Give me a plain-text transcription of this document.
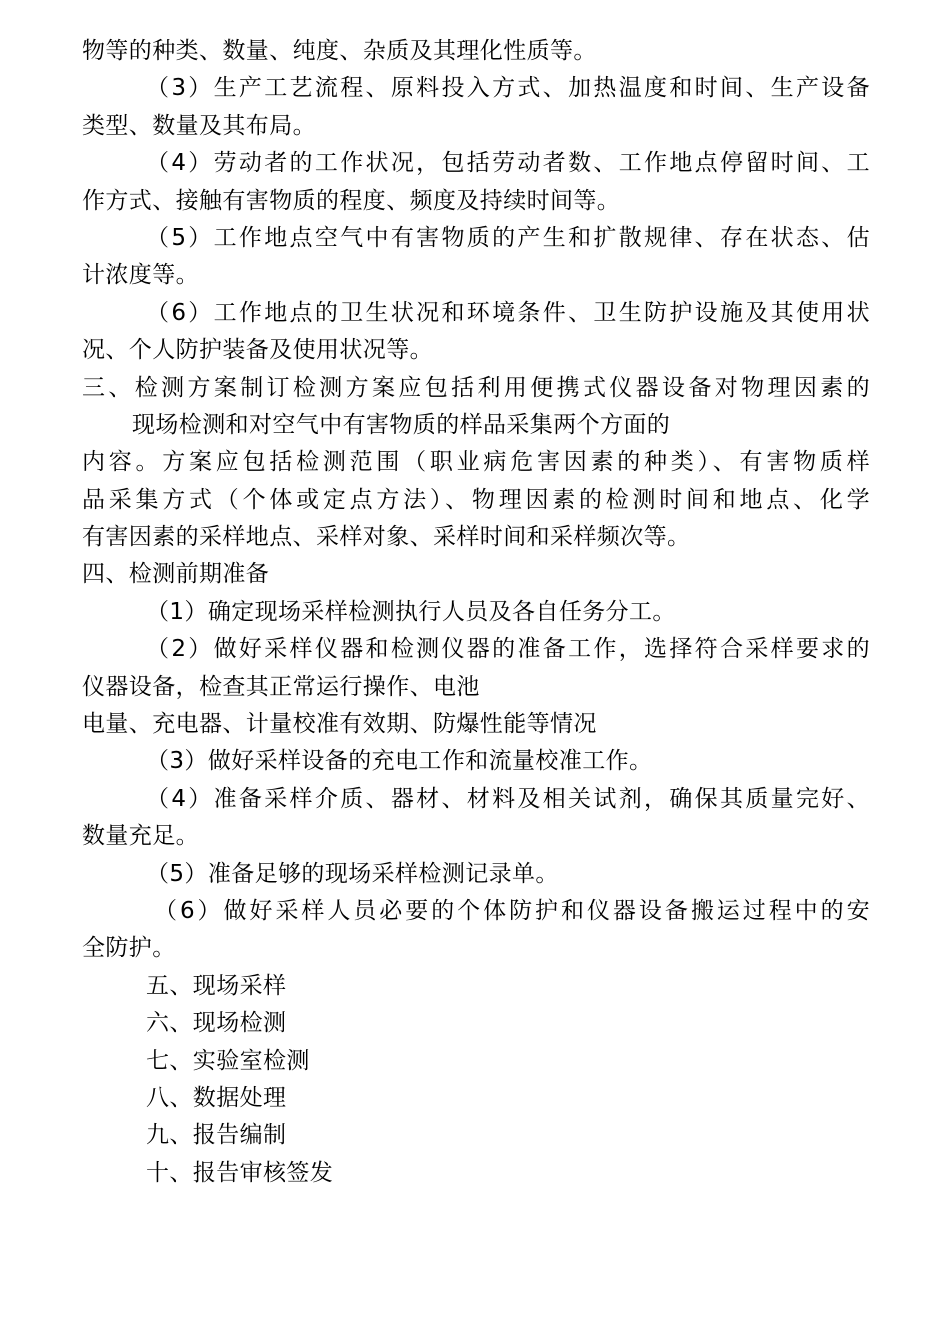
物等的种类、数量、纯度、杂质及其理化性质等。
（3）生产工艺流程、原料投入方式、加热温度和时间、生产设备
类型、数量及其布局。
（4）劳动者的工作状况，包括劳动者数、工作地点停留时间、工
作方式、接触有害物质的程度、频度及持续时间等。
（5）工作地点空气中有害物质的产生和扩散规律、存在状态、估
计浓度等。
（6）工作地点的卫生状况和环境条件、卫生防护设施及其使用状
况、个人防护装备及使用状况等。
三、检测方案制订检测方案应包括利用便携式仪器设备对物理因素的
现场检测和对空气中有害物质的样品采集两个方面的
内容。方案应包括检测范围（职业病危害因素的种类）、有害物质样
品采集方式（个体或定点方法）、物理因素的检测时间和地点、化学
有害因素的采样地点、采样对象、采样时间和采样频次等。
四、检测前期准备
（1）确定现场采样检测执行人员及各自任务分工。
（2）做好采样仪器和检测仪器的准备工作，选择符合采样要求的
仪器设备，检查其正常运行操作、电池
电量、充电器、计量校准有效期、防爆性能等情况
（3）做好采样设备的充电工作和流量校准工作。
（4）准备采样介质、器材、材料及相关试剂，确保其质量完好、
数量充足。
（5）准备足够的现场采样检测记录单。
（6）做好采样人员必要的个体防护和仪器设备搬运过程中的安
全防护。
五、现场采样
六、现场检测
七、实验室检测
八、数据处理
九、报告编制
十、报告审核签发
